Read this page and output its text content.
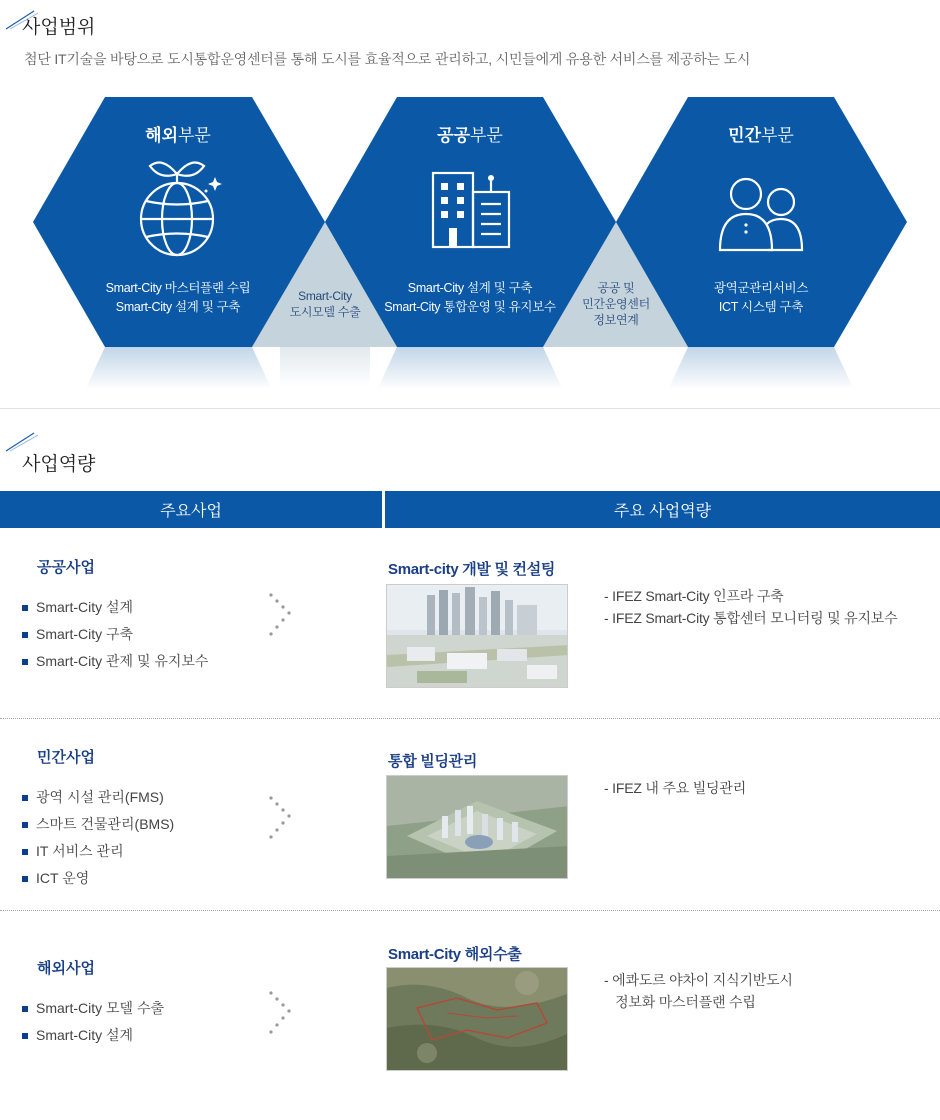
사업범위
첨단 IT기술을 바탕으로 도시통합운영센터를 통해 도시를 효율적으로 관리하고, 시민들에게 유용한 서비스를 제공하는 도시
해외부문
Smart-City 마스터플랜 수립
Smart-City 설계 및 구축
공공부문
Smart-City 설계 및 구축
Smart-City 통합운영 및 유지보수
민간부문
광역군관리서비스
ICT 시스템 구축
Smart-City
도시모델 수출
공공 및
민간운영센터
정보연계
사업역량
주요사업	주요 사업역량
공공사업
Smart-City 설계
Smart-City 구축
Smart-City 관제 및 유지보수
Smart-city 개발 및 컨설팅
- IFEZ Smart-City 인프라 구축
- IFEZ Smart-City 통합센터 모니터링 및 유지보수
민간사업
광역 시설 관리(FMS)
스마트 건물관리(BMS)
IT 서비스 관리
ICT 운영
통합 빌딩관리
- IFEZ 내 주요 빌딩관리
해외사업
Smart-City 모델 수출
Smart-City 설계
Smart-City 해외수출
- 에콰도르 야차이 지식기반도시
정보화 마스터플랜 수립
